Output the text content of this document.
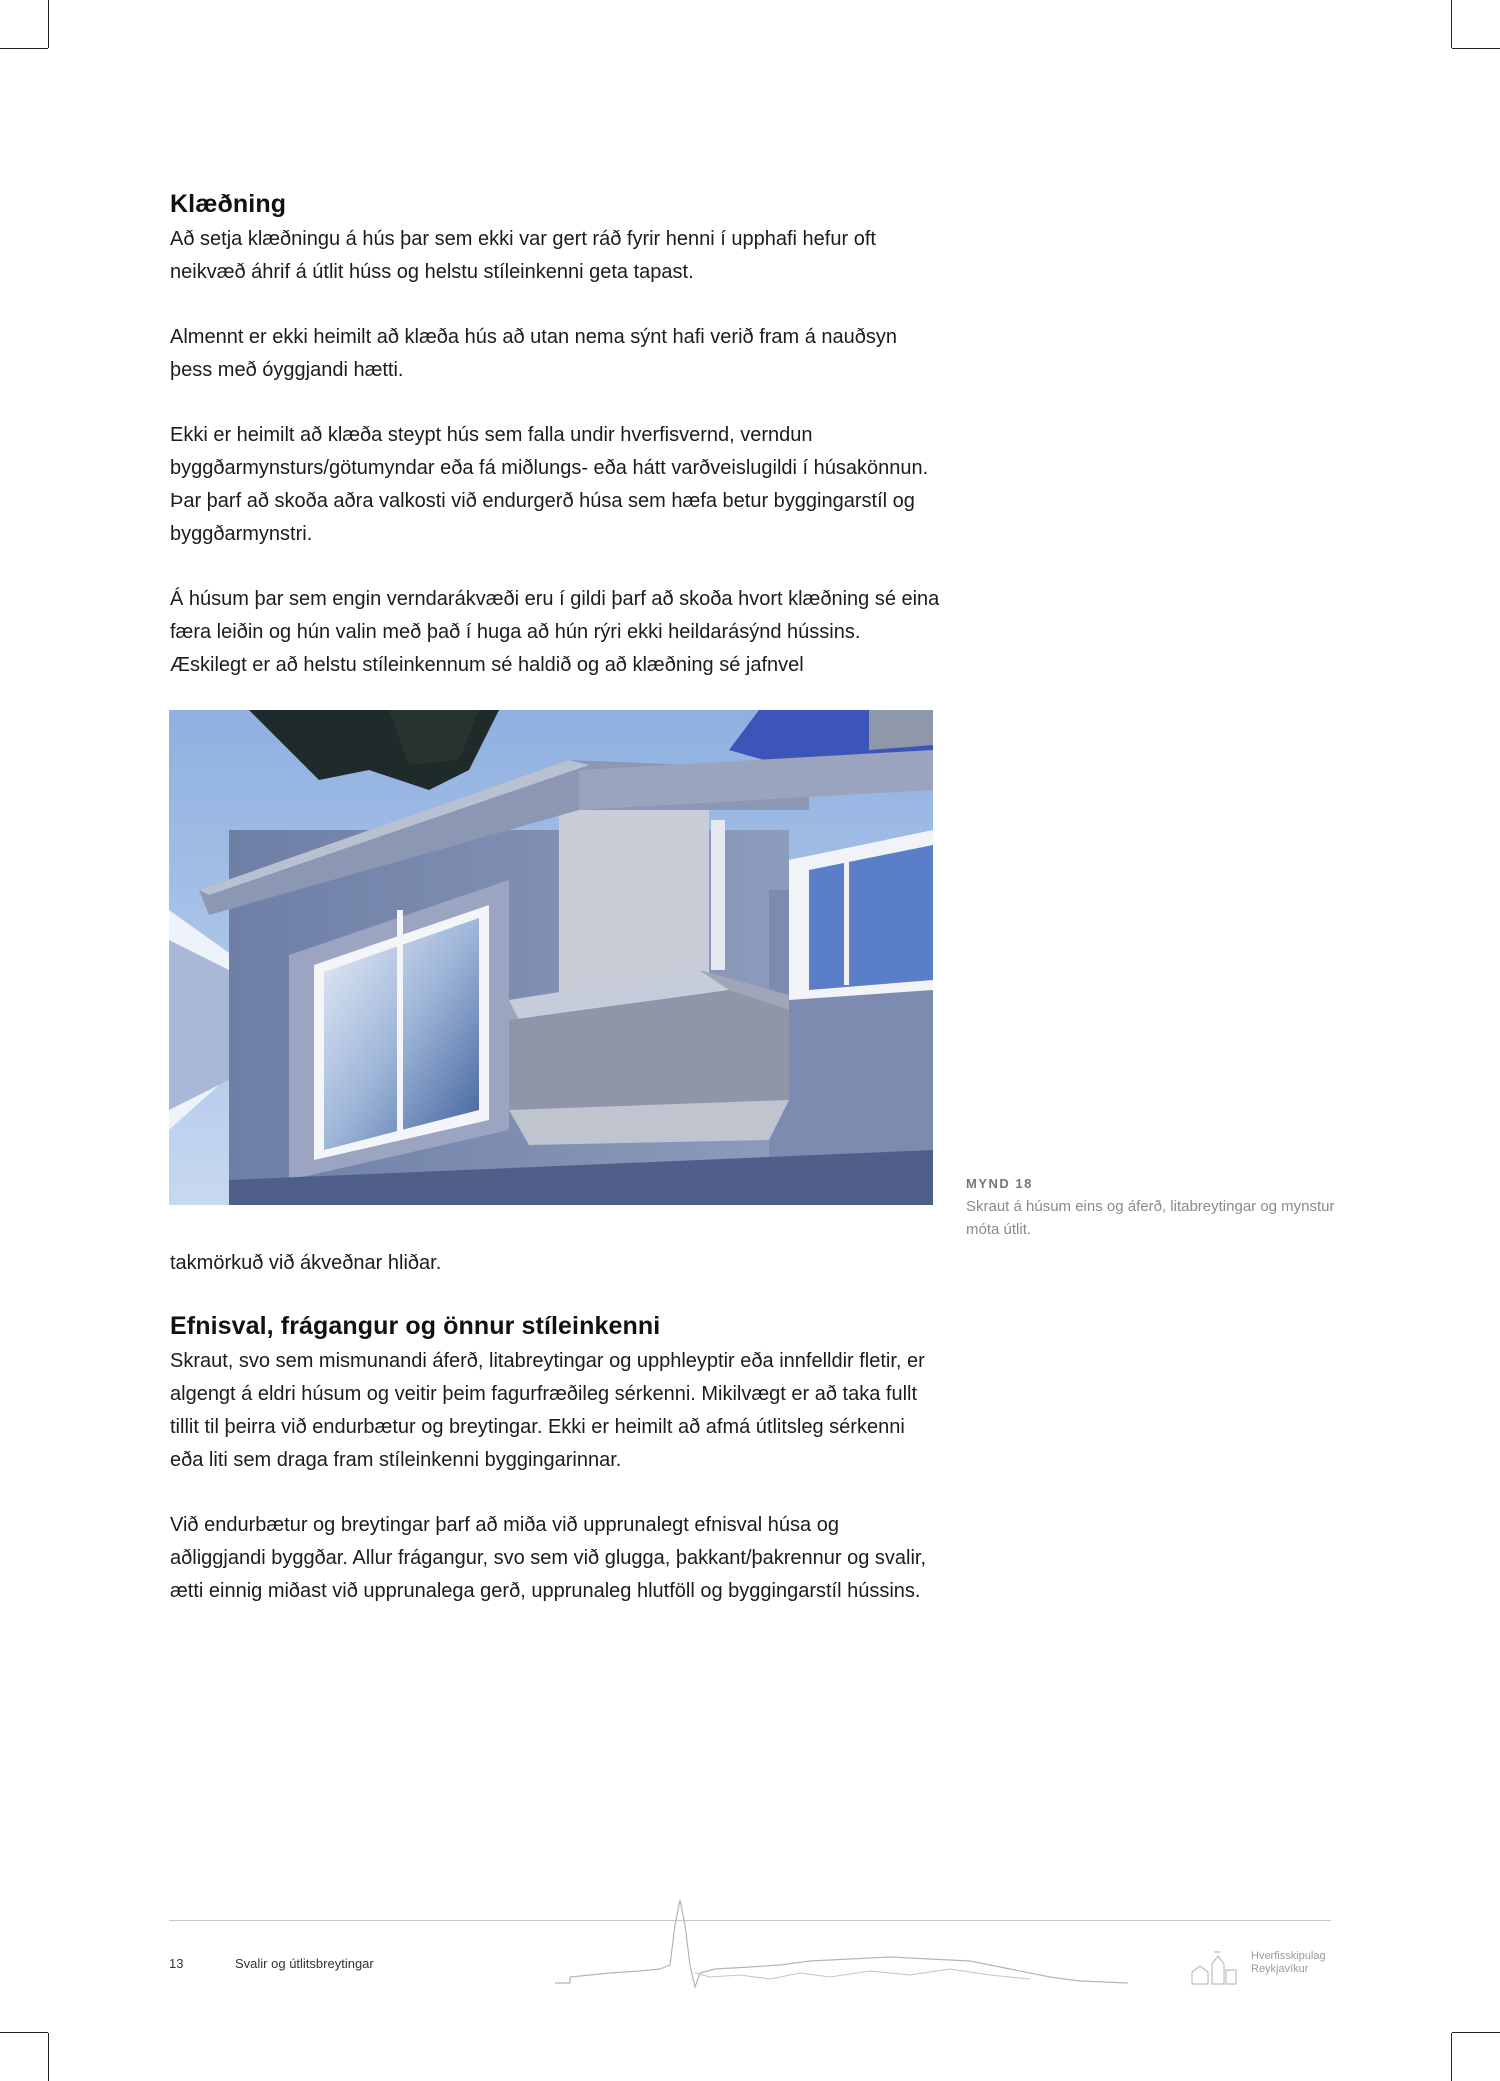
Klæðning

Að setja klæðningu á hús þar sem ekki var gert ráð fyrir henni í upphafi hefur oft neikvæð áhrif á útlit húss og helstu stíleinkenni geta tapast.

Almennt er ekki heimilt að klæða hús að utan nema sýnt hafi verið fram á nauðsyn þess með óyggjandi hætti.

Ekki er heimilt að klæða steypt hús sem falla undir hverfisvernd, verndun byggðarmynsturs/götumyndar eða fá miðlungs- eða hátt varðveislugildi í húsakönnun. Þar þarf að skoða aðra valkosti við endurgerð húsa sem hæfa betur byggingarstíl og byggðarmynstri.

Á húsum þar sem engin verndarákvæði eru í gildi þarf að skoða hvort klæðning sé eina færa leiðin og hún valin með það í huga að hún rýri ekki heildarásýnd hússins. Æskilegt er að helstu stíleinkennum sé haldið og að klæðning sé jafnvel

MYND 18
Skraut á húsum eins og áferð, litabreytingar og mynstur móta útlit.

takmörkuð við ákveðnar hliðar.

Efnisval, frágangur og önnur stíleinkenni

Skraut, svo sem mismunandi áferð, litabreytingar og upphleyptir eða innfelldir fletir, er algengt á eldri húsum og veitir þeim fagurfræðileg sérkenni. Mikilvægt er að taka fullt tillit til þeirra við endurbætur og breytingar. Ekki er heimilt að afmá útlitsleg sérkenni eða liti sem draga fram stíleinkenni byggingarinnar.

Við endurbætur og breytingar þarf að miða við upprunalegt efnisval húsa og aðliggjandi byggðar. Allur frágangur, svo sem við glugga, þakkant/þakrennur og svalir, ætti einnig miðast við upprunalega gerð, upprunaleg hlutföll og byggingarstíl hússins.

13	Svalir og útlitsbreytingar	Hverfisskipulag
Reykjavíkur
